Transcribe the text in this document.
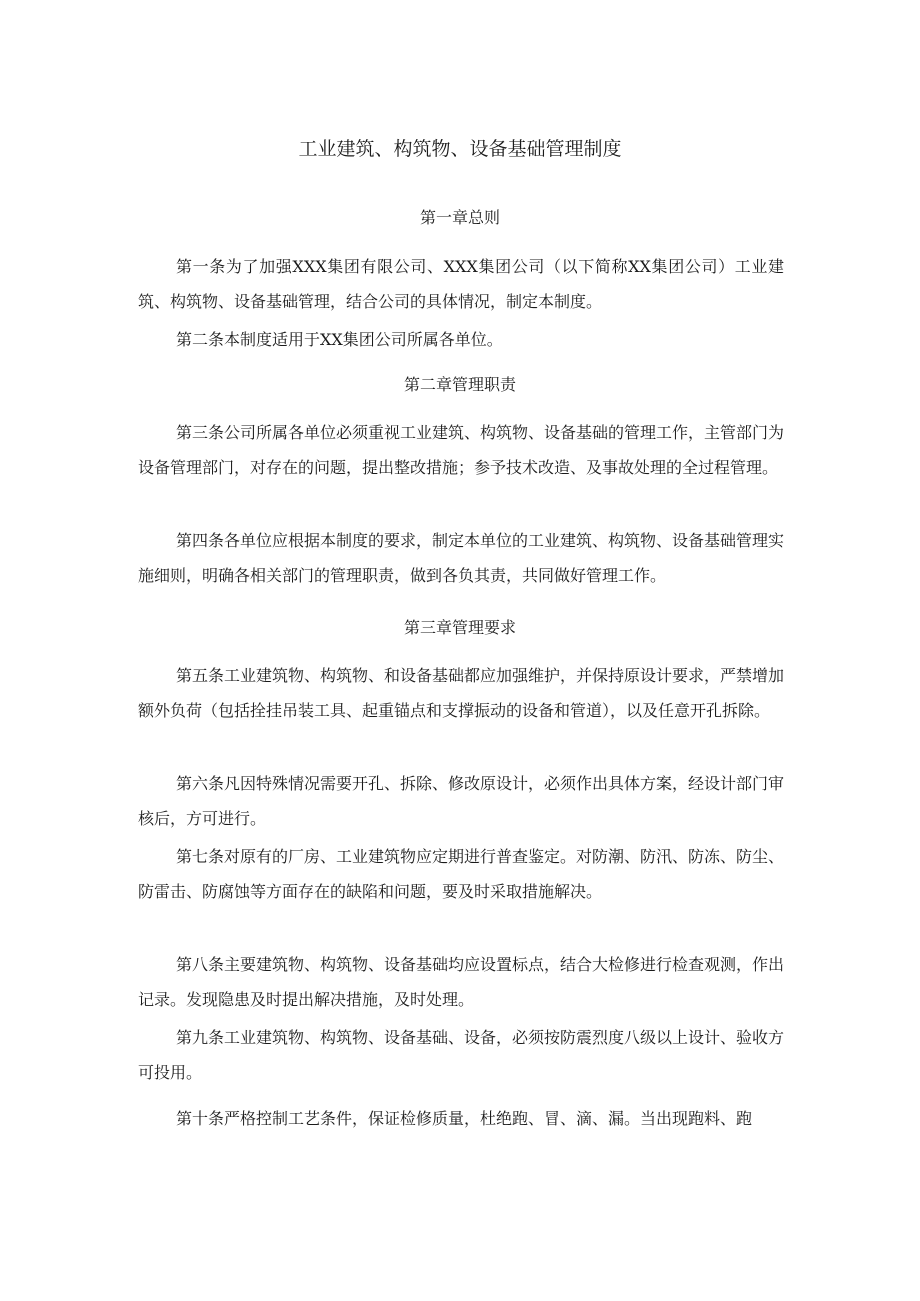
工业建筑、构筑物、设备基础管理制度
第一章总则

第一条为了加强XXX集团有限公司、XXX集团公司（以下简称XX集团公司）工业建筑、构筑物、设备基础管理，结合公司的具体情况，制定本制度。

第二条本制度适用于XX集团公司所属各单位。

第二章管理职责

第三条公司所属各单位必须重视工业建筑、构筑物、设备基础的管理工作，主管部门为设备管理部门，对存在的问题，提出整改措施；参予技术改造、及事故处理的全过程管理。

第四条各单位应根据本制度的要求，制定本单位的工业建筑、构筑物、设备基础管理实施细则，明确各相关部门的管理职责，做到各负其责，共同做好管理工作。

第三章管理要求

第五条工业建筑物、构筑物、和设备基础都应加强维护，并保持原设计要求，严禁增加额外负荷（包括拴挂吊装工具、起重锚点和支撑振动的设备和管道），以及任意开孔拆除。

第六条凡因特殊情况需要开孔、拆除、修改原设计，必须作出具体方案，经设计部门审核后，方可进行。

第七条对原有的厂房、工业建筑物应定期进行普查鉴定。对防潮、防汛、防冻、防尘、防雷击、防腐蚀等方面存在的缺陷和问题，要及时采取措施解决。

第八条主要建筑物、构筑物、设备基础均应设置标点，结合大检修进行检查观测，作出记录。发现隐患及时提出解决措施，及时处理。

第九条工业建筑物、构筑物、设备基础、设备，必须按防震烈度八级以上设计、验收方可投用。

第十条严格控制工艺条件，保证检修质量，杜绝跑、冒、滴、漏。当出现跑料、跑
